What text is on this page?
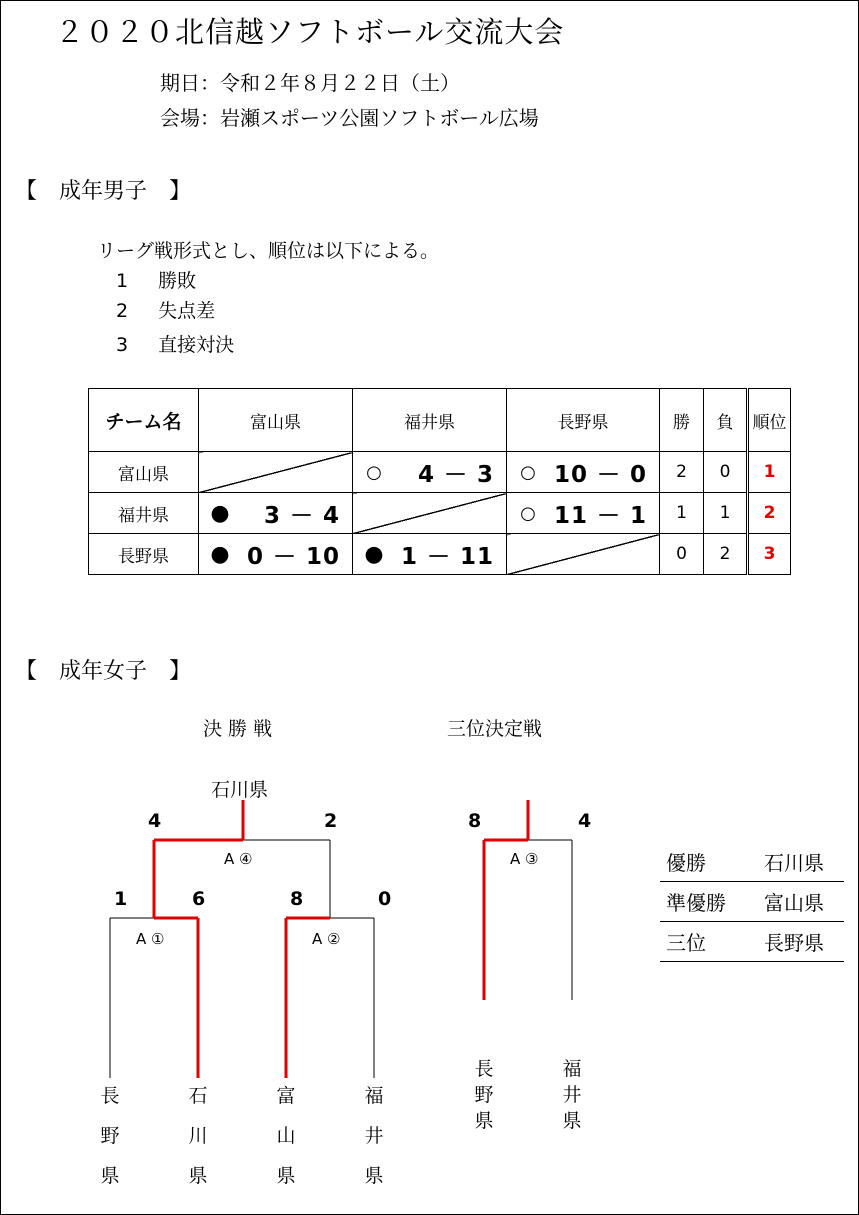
２０２０北信越ソフトボール交流大会
期日：令和２年８月２２日（土）
会場：岩瀬スポーツ公園ソフトボール広場
【　成年男子　】
リーグ戦形式とし、順位は以下による。
1 勝敗
2 失点差
3 直接対決
チーム名	富山県	福井県	長野県	勝	負	順位
富山県		○ 4 － 3	○ 10 － 0	2	0	1
福井県	● 3 － 4		○ 11 － 1	1	1	2
長野県	● 0 － 10	● 1 － 11		0	2	3
【　成年女子　】
決 勝 戦	三位決定戦
石川県
4	2
A ④
1	6
A ①
8	0
A ②
8	4
A ③
長野県
石川県
富山県
福井県
長野県
福井県
優勝	石川県
準優勝	富山県
三位	長野県
